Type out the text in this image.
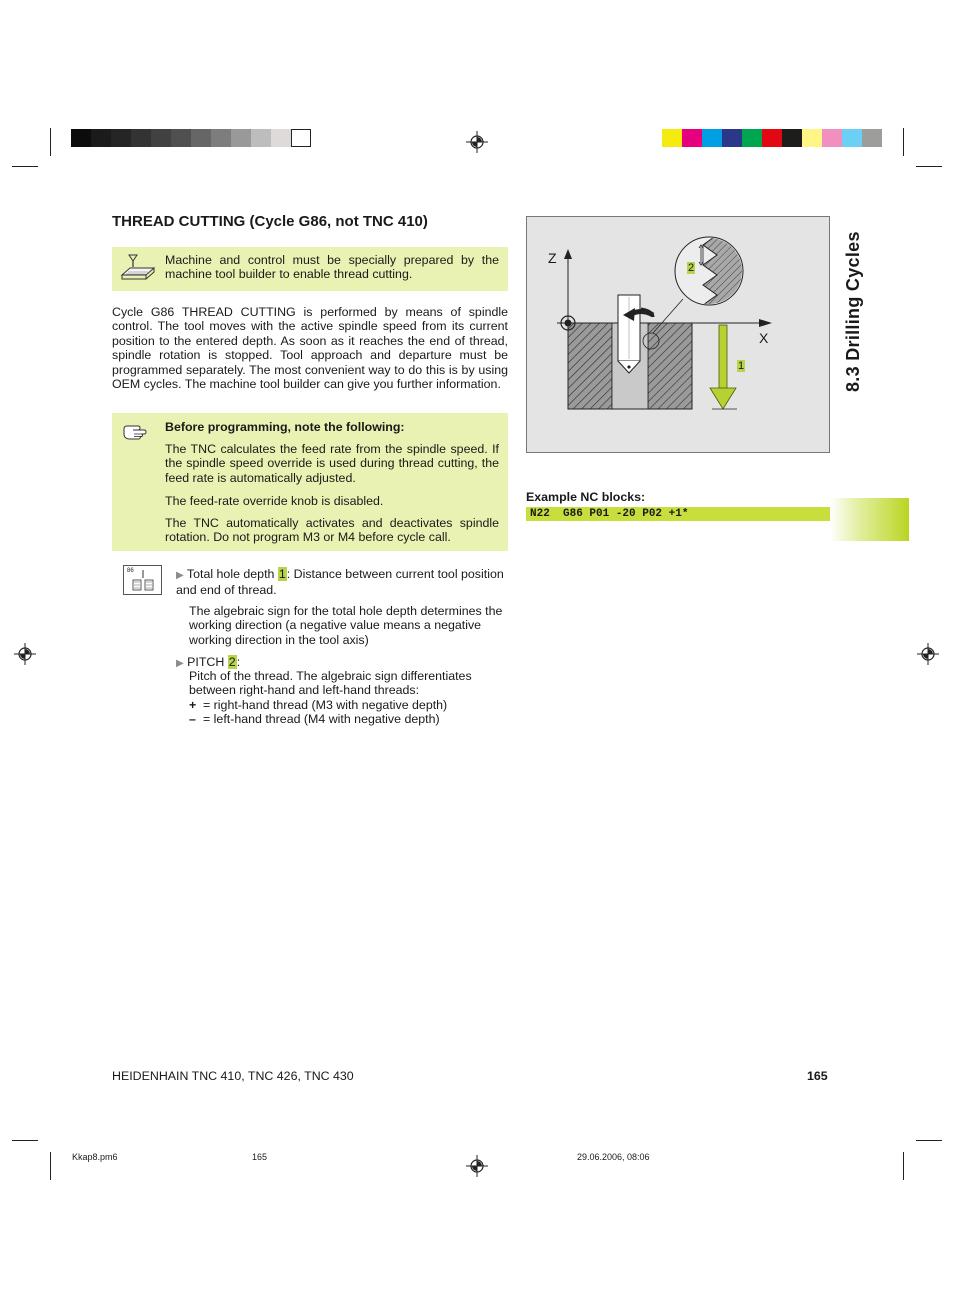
THREAD CUTTING (Cycle G86, not TNC 410)
Machine and control must be specially prepared by the machine tool builder to enable thread cutting.
Cycle G86 THREAD CUTTING is performed by means of spindle control. The tool moves with the active spindle speed from its current position to the entered depth. As soon as it reaches the end of thread, spindle rotation is stopped. Tool approach and departure must be programmed separately. The most convenient way to do this is by using OEM cycles. The machine tool builder can give you further information.
Before programming, note the following:
The TNC calculates the feed rate from the spindle speed. If the spindle speed override is used during thread cutting, the feed rate is automatically adjusted.
The feed-rate override knob is disabled.
The TNC automatically activates and deactivates spindle rotation. Do not program M3 or M4 before cycle call.
86	▶ Total hole depth 1: Distance between current tool position and end of thread.
The algebraic sign for the total hole depth determines the working direction (a negative value means a negative working direction in the tool axis)
▶ PITCH 2:
Pitch of the thread. The algebraic sign differentiates between right-hand and left-hand threads:
+ = right-hand thread (M3 with negative depth)
– = left-hand thread (M4 with negative depth)
Z
X
1
2
Example NC blocks:
N22  G86 P01 -20 P02 +1*
8.3 Drilling Cycles
HEIDENHAIN TNC 410, TNC 426, TNC 430	165
Kkap8.pm6	165	29.06.2006, 08:06
